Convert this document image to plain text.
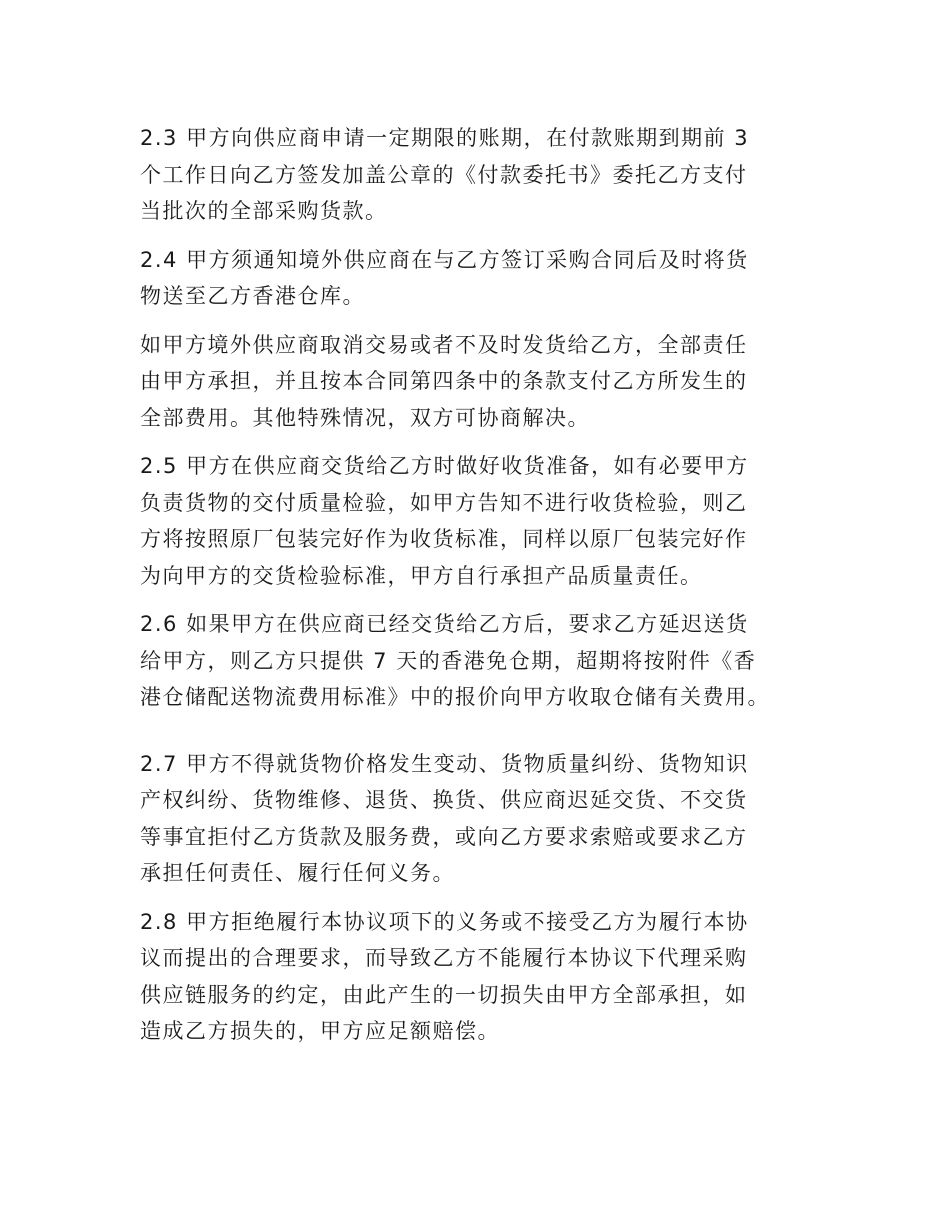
2.3 甲方向供应商申请一定期限的账期，在付款账期到期前 3
个工作日向乙方签发加盖公章的《付款委托书》委托乙方支付
当批次的全部采购货款。

2.4 甲方须通知境外供应商在与乙方签订采购合同后及时将货
物送至乙方香港仓库。

如甲方境外供应商取消交易或者不及时发货给乙方，全部责任
由甲方承担，并且按本合同第四条中的条款支付乙方所发生的
全部费用。其他特殊情况，双方可协商解决。

2.5 甲方在供应商交货给乙方时做好收货准备，如有必要甲方
负责货物的交付质量检验，如甲方告知不进行收货检验，则乙
方将按照原厂包装完好作为收货标准，同样以原厂包装完好作
为向甲方的交货检验标准，甲方自行承担产品质量责任。

2.6 如果甲方在供应商已经交货给乙方后，要求乙方延迟送货
给甲方，则乙方只提供 7 天的香港免仓期，超期将按附件《香
港仓储配送物流费用标准》中的报价向甲方收取仓储有关费用。

2.7 甲方不得就货物价格发生变动、货物质量纠纷、货物知识
产权纠纷、货物维修、退货、换货、供应商迟延交货、不交货
等事宜拒付乙方货款及服务费，或向乙方要求索赔或要求乙方
承担任何责任、履行任何义务。

2.8 甲方拒绝履行本协议项下的义务或不接受乙方为履行本协
议而提出的合理要求，而导致乙方不能履行本协议下代理采购
供应链服务的约定，由此产生的一切损失由甲方全部承担，如
造成乙方损失的，甲方应足额赔偿。
